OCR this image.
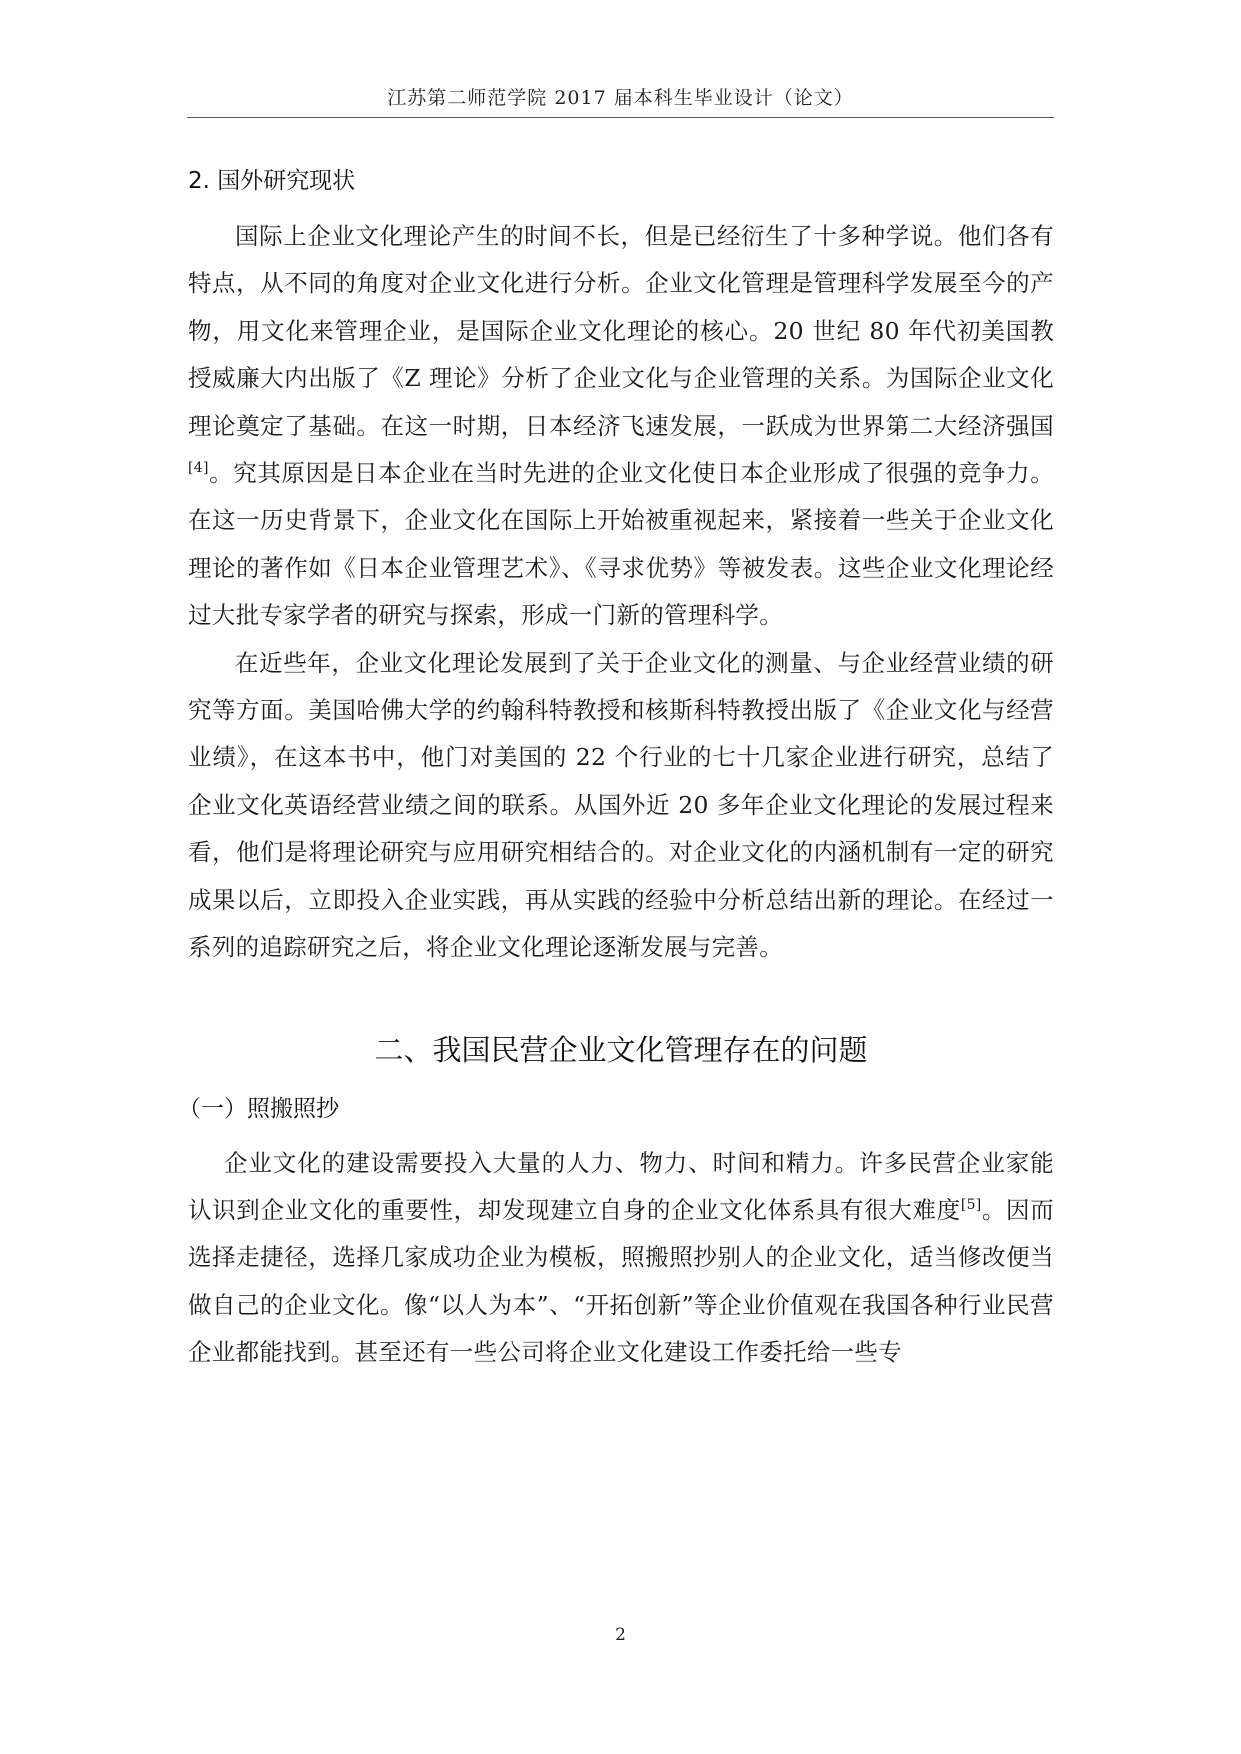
江苏第二师范学院 2017 届本科生毕业设计（论文）
2. 国外研究现状

国际上企业文化理论产生的时间不长，但是已经衍生了十多种学说。他们各有特点，从不同的角度对企业文化进行分析。企业文化管理是管理科学发展至今的产物，用文化来管理企业，是国际企业文化理论的核心。20 世纪 80 年代初美国教授威廉大内出版了《Z 理论》分析了企业文化与企业管理的关系。为国际企业文化理论奠定了基础。在这一时期，日本经济飞速发展，一跃成为世界第二大经济强国[4]。究其原因是日本企业在当时先进的企业文化使日本企业形成了很强的竞争力。在这一历史背景下，企业文化在国际上开始被重视起来，紧接着一些关于企业文化理论的著作如《日本企业管理艺术》、《寻求优势》等被发表。这些企业文化理论经过大批专家学者的研究与探索，形成一门新的管理科学。

在近些年，企业文化理论发展到了关于企业文化的测量、与企业经营业绩的研究等方面。美国哈佛大学的约翰科特教授和核斯科特教授出版了《企业文化与经营业绩》，在这本书中，他门对美国的 22 个行业的七十几家企业进行研究，总结了企业文化英语经营业绩之间的联系。从国外近 20 多年企业文化理论的发展过程来看，他们是将理论研究与应用研究相结合的。对企业文化的内涵机制有一定的研究成果以后，立即投入企业实践，再从实践的经验中分析总结出新的理论。在经过一系列的追踪研究之后，将企业文化理论逐渐发展与完善。

二、我国民营企业文化管理存在的问题
（一）照搬照抄

企业文化的建设需要投入大量的人力、物力、时间和精力。许多民营企业家能认识到企业文化的重要性，却发现建立自身的企业文化体系具有很大难度[5]。因而选择走捷径，选择几家成功企业为模板，照搬照抄别人的企业文化，适当修改便当做自己的企业文化。像“以人为本”、“开拓创新”等企业价值观在我国各种行业民营企业都能找到。甚至还有一些公司将企业文化建设工作委托给一些专

2
